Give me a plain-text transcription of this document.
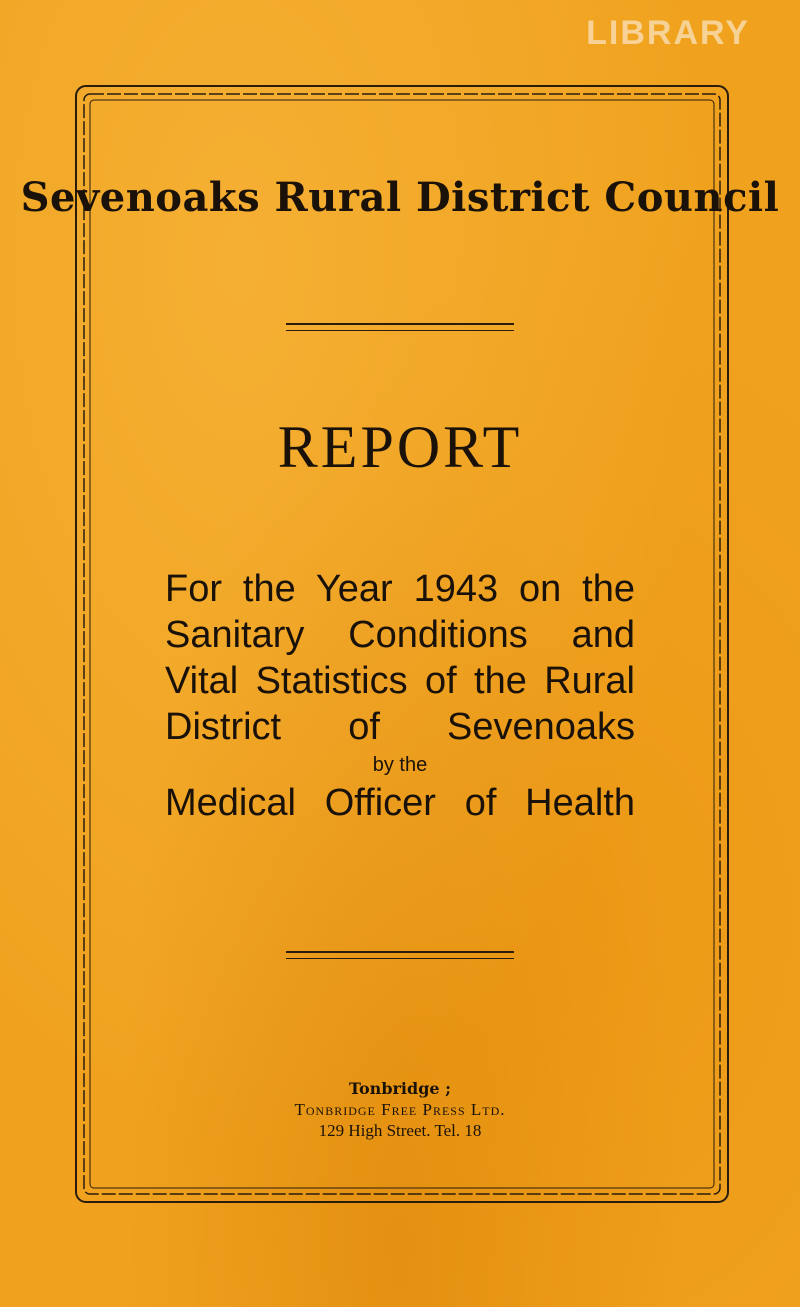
LIBRARY
Sevenoaks Rural District Council
REPORT
For the Year 1943 on the
Sanitary Conditions and
Vital Statistics of the Rural
District of Sevenoaks
by the
Medical Officer of Health
Tonbridge ;
Tonbridge Free Press Ltd.
129 High Street. Tel. 18
